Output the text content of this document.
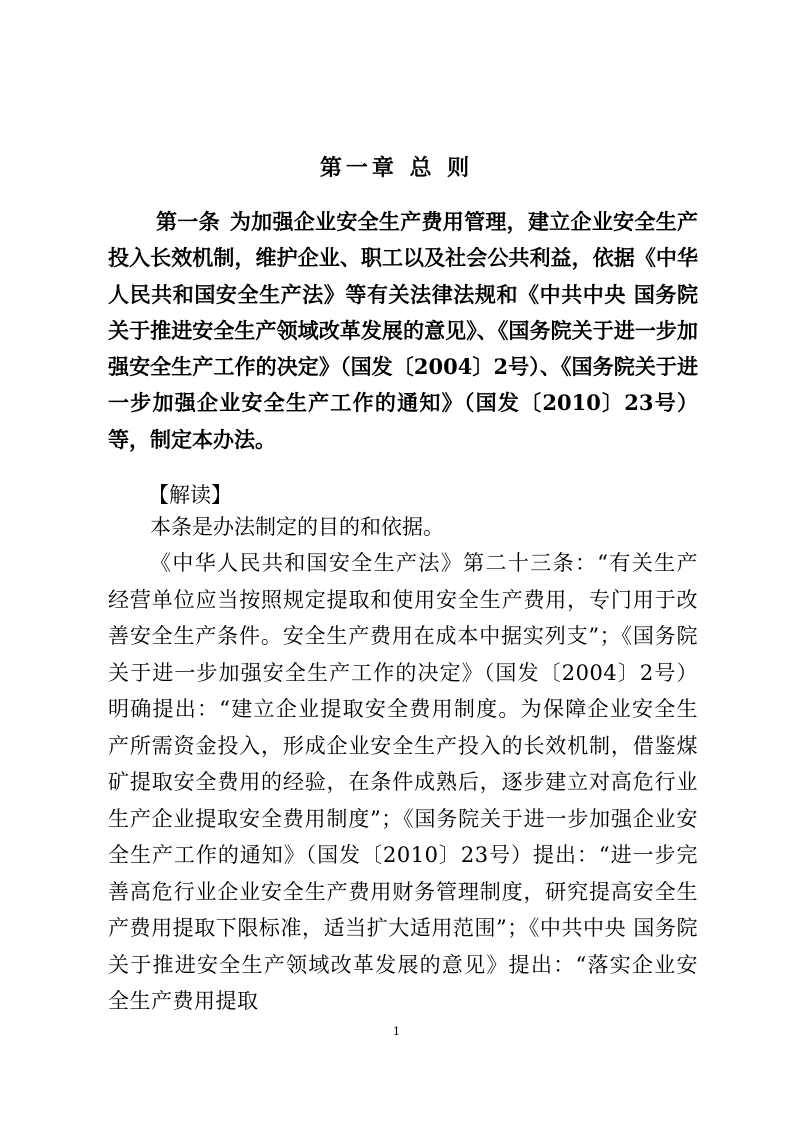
第一章 总 则

第一条 为加强企业安全生产费用管理，建立企业安全生产投入长效机制，维护企业、职工以及社会公共利益，依据《中华人民共和国安全生产法》等有关法律法规和《中共中央 国务院关于推进安全生产领域改革发展的意见》、《国务院关于进一步加强安全生产工作的决定》（国发〔2004〕2号）、《国务院关于进一步加强企业安全生产工作的通知》（国发〔2010〕23号）等，制定本办法。

【解读】

本条是办法制定的目的和依据。

《中华人民共和国安全生产法》第二十三条：“有关生产经营单位应当按照规定提取和使用安全生产费用，专门用于改善安全生产条件。安全生产费用在成本中据实列支”；《国务院关于进一步加强安全生产工作的决定》（国发〔2004〕2号）明确提出：“建立企业提取安全费用制度。为保障企业安全生产所需资金投入，形成企业安全生产投入的长效机制，借鉴煤矿提取安全费用的经验，在条件成熟后，逐步建立对高危行业生产企业提取安全费用制度”；《国务院关于进一步加强企业安全生产工作的通知》（国发〔2010〕23号）提出：“进一步完善高危行业企业安全生产费用财务管理制度，研究提高安全生产费用提取下限标准，适当扩大适用范围”；《中共中央 国务院关于推进安全生产领域改革发展的意见》提出：“落实企业安全生产费用提取

1
